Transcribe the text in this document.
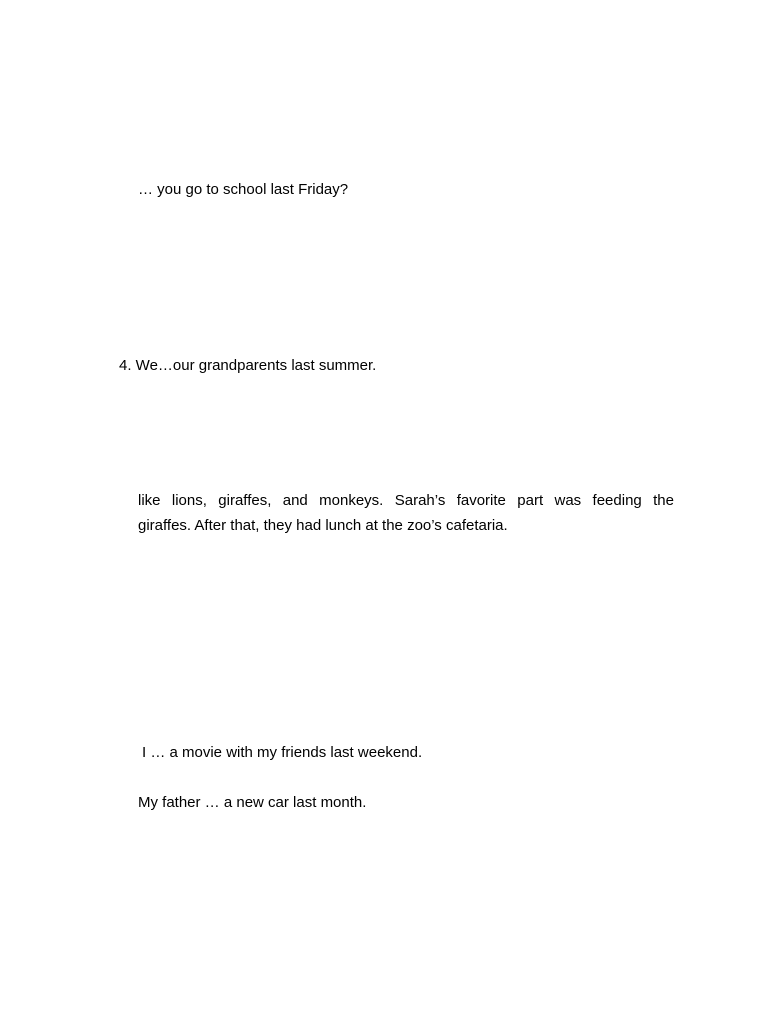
… you go to school last Friday?
4. We…our grandparents last summer.
like lions, giraffes, and monkeys. Sarah’s favorite part was feeding the
giraffes. After that, they had lunch at the zoo’s cafetaria.
I … a movie with my friends last weekend.
My father … a new car last month.
